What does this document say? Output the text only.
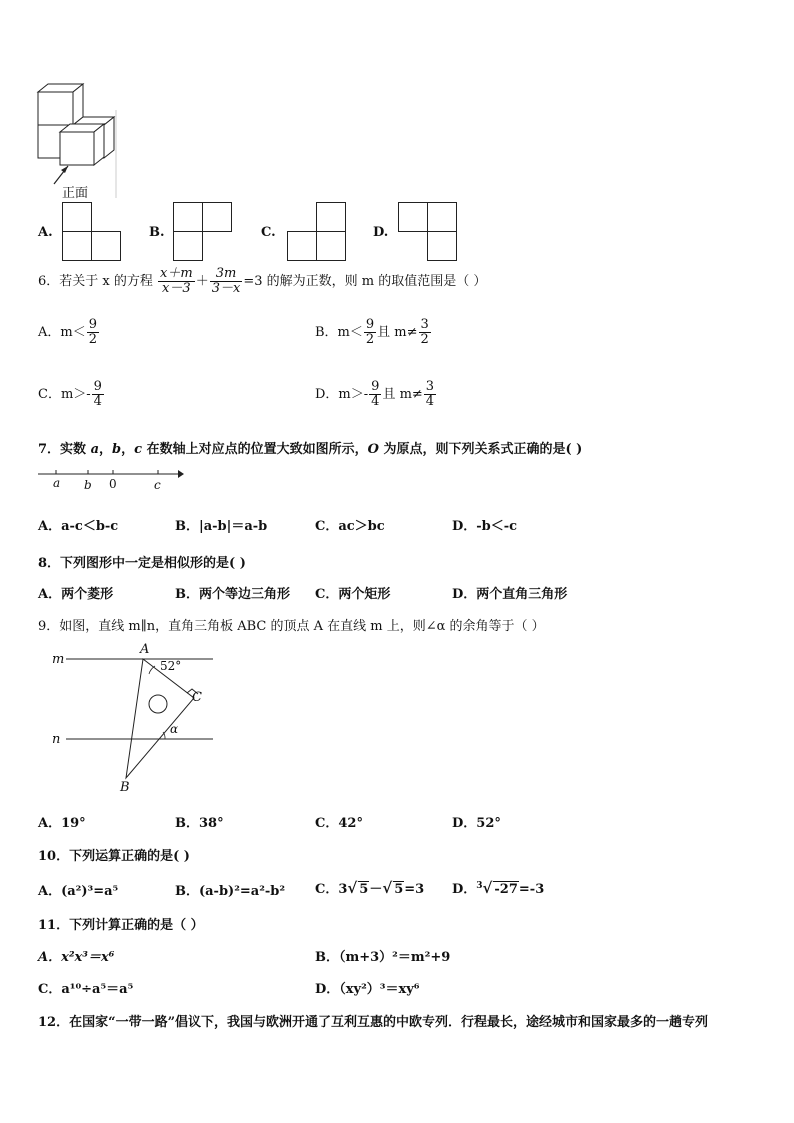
正面
A.	B.	C.	D.
6．若关于 x 的方程 $\frac{x+m}{x-3} + \frac{3m}{3-x} =3$ 的解为正数，则 m 的取值范围是（ ）
A．$m< \frac{9}{2}$	B．$m< \frac{9}{2}$ 且 $m\ne \frac{3}{2}$
C．$m>- \frac{9}{4}$	D．$m>- \frac{9}{4}$ 且 $m\ne \frac{3}{4}$
7．实数 a，b，c 在数轴上对应点的位置大致如图所示，O 为原点，则下列关系式正确的是( )
a b 0	c
A．a-c＜b-c	B．|a-b|＝a-b	C．ac＞bc	D．-b＜-c
8．下列图形中一定是相似形的是( )
A．两个菱形	B．两个等边三角形 C．两个矩形	D．两个直角三角形
9．如图，直线 m∥n，直角三角板 ABC 的顶点 A 在直线 m 上，则∠α 的余角等于（ ）
m
n
A
C
B
52°
α
A．19°	B．38°	C．42°	D．52°
10．下列运算正确的是( )
A．(a²)³=a⁵	B．(a-b)²=a²-b² C．3√ 5－√ 5=3 D．$^3$√ -27=-3
11．下列计算正确的是（ ）
A．x²x³＝x⁶	B．（m+3）²＝m²+9
C．a¹⁰÷a⁵＝a⁵	D．（xy²）³＝xy⁶
12．在国家“一带一路”倡议下，我国与欧洲开通了互利互惠的中欧专列．行程最长，途经城市和国家最多的一趟专列
